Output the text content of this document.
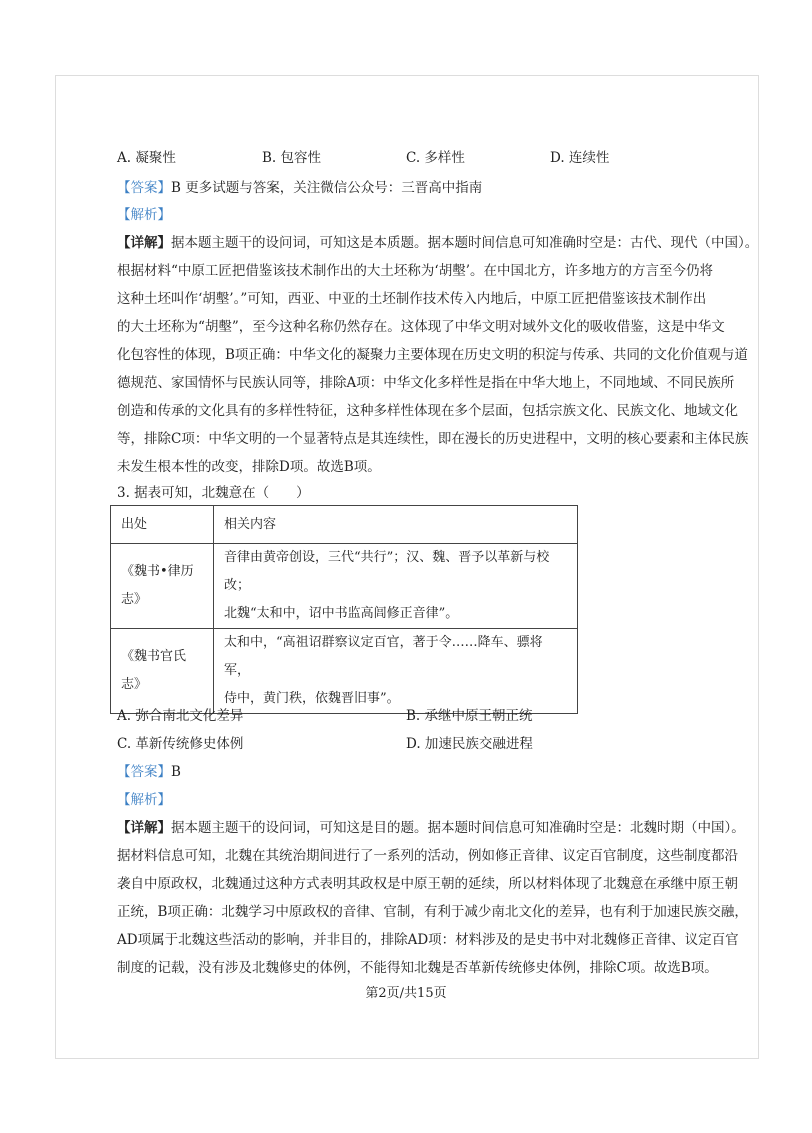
A. 凝聚性	B. 包容性	C. 多样性	D. 连续性
【答案】B 更多试题与答案，关注微信公众号：三晋高中指南
【解析】
【详解】据本题主题干的设问词，可知这是本质题。据本题时间信息可知准确时空是：古代、现代（中国）。
根据材料“中原工匠把借鉴该技术制作出的大土坯称为‘胡墼’。在中国北方，许多地方的方言至今仍将
这种土坯叫作‘胡墼’。”可知，西亚、中亚的土坯制作技术传入内地后，中原工匠把借鉴该技术制作出
的大土坯称为“胡墼”，至今这种名称仍然存在。这体现了中华文明对域外文化的吸收借鉴，这是中华文
化包容性的体现，B项正确：中华文化的凝聚力主要体现在历史文明的积淀与传承、共同的文化价值观与道
德规范、家国情怀与民族认同等，排除A项：中华文化多样性是指在中华大地上，不同地域、不同民族所
创造和传承的文化具有的多样性特征，这种多样性体现在多个层面，包括宗族文化、民族文化、地域文化
等，排除C项：中华文明的一个显著特点是其连续性，即在漫长的历史进程中，文明的核心要素和主体民族
未发生根本性的改变，排除D项。故选B项。
3. 据表可知，北魏意在（　　）
出处	相关内容
《魏书•律历志》	音律由黄帝创设，三代“共行”；汉、魏、晋予以革新与校改；
北魏“太和中，诏中书监高闾修正音律”。

《魏书官氏志》	太和中，“高祖诏群察议定百官，著于令……降车、骠将军，
侍中，黄门秩，依魏晋旧事”。
A. 弥合南北文化差异	B. 承继中原王朝正统
C. 革新传统修史体例	D. 加速民族交融进程
【答案】B
【解析】
【详解】据本题主题干的设问词，可知这是目的题。据本题时间信息可知准确时空是：北魏时期（中国）。
据材料信息可知，北魏在其统治期间进行了一系列的活动，例如修正音律、议定百官制度，这些制度都沿
袭自中原政权，北魏通过这种方式表明其政权是中原王朝的延续，所以材料体现了北魏意在承继中原王朝
正统，B项正确：北魏学习中原政权的音律、官制，有利于减少南北文化的差异，也有利于加速民族交融，
AD项属于北魏这些活动的影响，并非目的，排除AD项：材料涉及的是史书中对北魏修正音律、议定百官
制度的记载，没有涉及北魏修史的体例，不能得知北魏是否革新传统修史体例，排除C项。故选B项。
第2页/共15页
